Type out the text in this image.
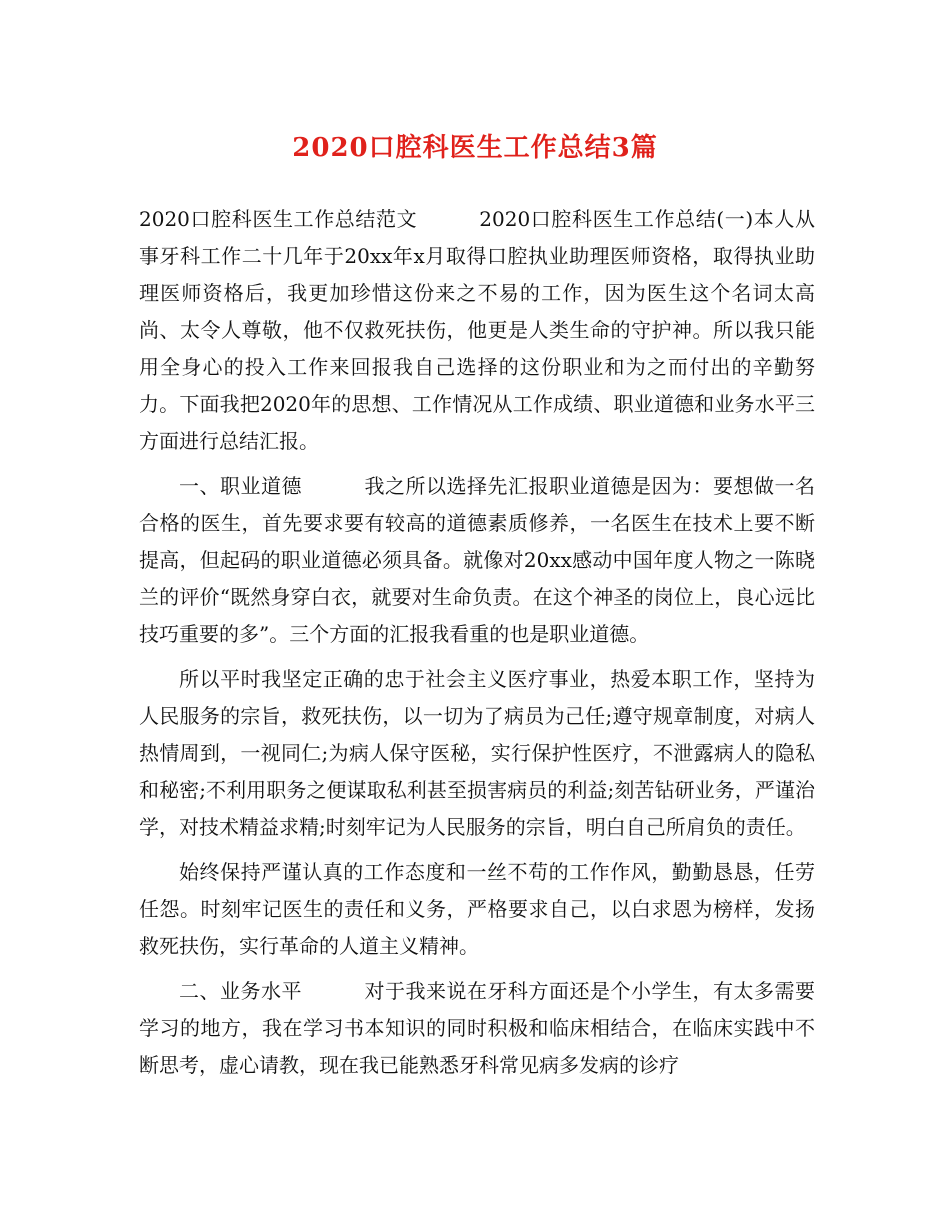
2020口腔科医生工作总结3篇

2020口腔科医生工作总结范文	2020口腔科医生工作总结(一)本人从事牙科工作二十几年于20xx年x月取得口腔执业助理医师资格，取得执业助理医师资格后，我更加珍惜这份来之不易的工作，因为医生这个名词太高尚、太令人尊敬，他不仅救死扶伤，他更是人类生命的守护神。所以我只能用全身心的投入工作来回报我自己选择的这份职业和为之而付出的辛勤努力。下面我把2020年的思想、工作情况从工作成绩、职业道德和业务水平三方面进行总结汇报。

一、职业道德	我之所以选择先汇报职业道德是因为：要想做一名合格的医生，首先要求要有较高的道德素质修养，一名医生在技术上要不断提高，但起码的职业道德必须具备。就像对20xx感动中国年度人物之一陈晓兰的评价“既然身穿白衣，就要对生命负责。在这个神圣的岗位上，良心远比技巧重要的多”。三个方面的汇报我看重的也是职业道德。

所以平时我坚定正确的忠于社会主义医疗事业，热爱本职工作，坚持为人民服务的宗旨，救死扶伤，以一切为了病员为己任;遵守规章制度，对病人热情周到，一视同仁;为病人保守医秘，实行保护性医疗，不泄露病人的隐私和秘密;不利用职务之便谋取私利甚至损害病员的利益;刻苦钻研业务，严谨治学，对技术精益求精;时刻牢记为人民服务的宗旨，明白自己所肩负的责任。

始终保持严谨认真的工作态度和一丝不苟的工作作风，勤勤恳恳，任劳任怨。时刻牢记医生的责任和义务，严格要求自己，以白求恩为榜样，发扬救死扶伤，实行革命的人道主义精神。

二、业务水平	对于我来说在牙科方面还是个小学生，有太多需要学习的地方，我在学习书本知识的同时积极和临床相结合，在临床实践中不断思考，虚心请教，现在我已能熟悉牙科常见病多发病的诊疗
